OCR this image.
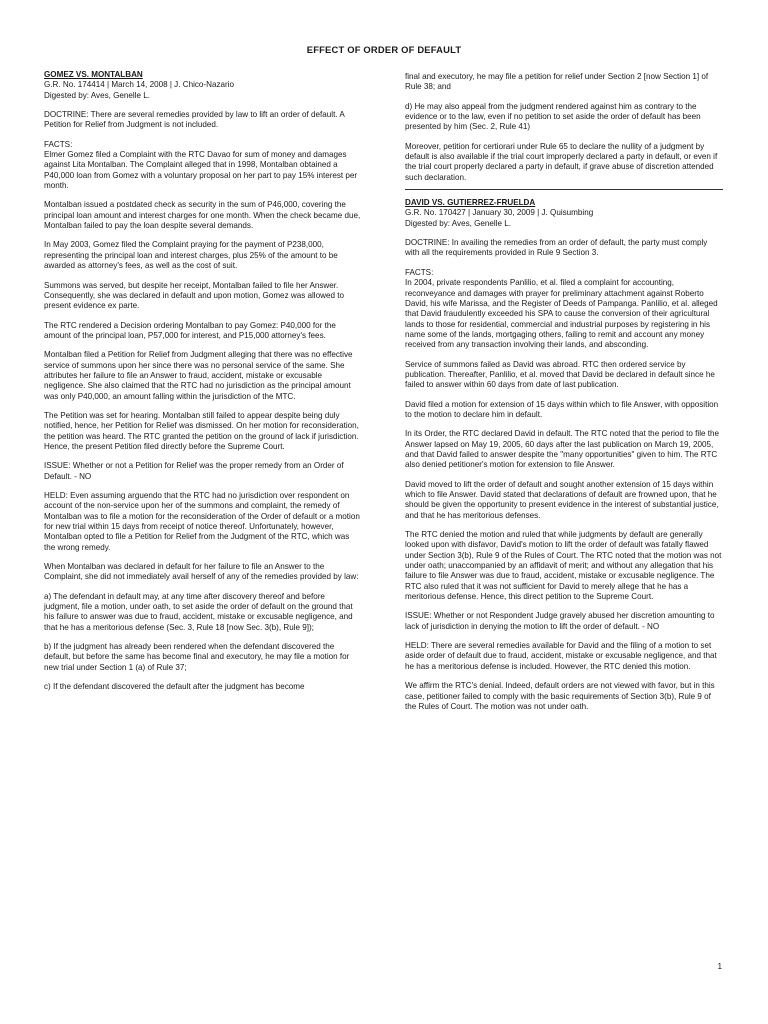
EFFECT OF ORDER OF DEFAULT

GOMEZ VS. MONTALBAN

G.R. No. 174414 | March 14, 2008 | J. Chico-Nazario

Digested by: Aves, Genelle L.

DOCTRINE: There are several remedies provided by law to lift an order of default. A Petition for Relief from Judgment is not included.

FACTS:

Elmer Gomez filed a Complaint with the RTC Davao for sum of money and damages against Lita Montalban. The Complaint alleged that in 1998, Montalban obtained a P40,000 loan from Gomez with a voluntary proposal on her part to pay 15% interest per month.

Montalban issued a postdated check as security in the sum of P46,000, covering the principal loan amount and interest charges for one month. When the check became due, Montalban failed to pay the loan despite several demands.

In May 2003, Gomez filed the Complaint praying for the payment of P238,000, representing the principal loan and interest charges, plus 25% of the amount to be awarded as attorney's fees, as well as the cost of suit.

Summons was served, but despite her receipt, Montalban failed to file her Answer. Consequently, she was declared in default and upon motion, Gomez was allowed to present evidence ex parte.

The RTC rendered a Decision ordering Montalban to pay Gomez: P40,000 for the amount of the principal loan, P57,000 for interest, and P15,000 attorney's fees.

Montalban filed a Petition for Relief from Judgment alleging that there was no effective service of summons upon her since there was no personal service of the same. She attributes her failure to file an Answer to fraud, accident, mistake or excusable negligence. She also claimed that the RTC had no jurisdiction as the principal amount was only P40,000, an amount falling within the jurisdiction of the MTC.

The Petition was set for hearing. Montalban still failed to appear despite being duly notified, hence, her Petition for Relief was dismissed. On her motion for reconsideration, the petition was heard. The RTC granted the petition on the ground of lack if jurisdiction. Hence, the present Petition filed directly before the Supreme Court.

ISSUE: Whether or not a Petition for Relief was the proper remedy from an Order of Default. - NO

HELD: Even assuming arguendo that the RTC had no jurisdiction over respondent on account of the non-service upon her of the summons and complaint, the remedy of Montalban was to file a motion for the reconsideration of the Order of default or a motion for new trial within 15 days from receipt of notice thereof. Unfortunately, however, Montalban opted to file a Petition for Relief from the Judgment of the RTC, which was the wrong remedy.

When Montalban was declared in default for her failure to file an Answer to the Complaint, she did not immediately avail herself of any of the remedies provided by law:

a) The defendant in default may, at any time after discovery thereof and before judgment, file a motion, under oath, to set aside the order of default on the ground that his failure to answer was due to fraud, accident, mistake or excusable negligence, and that he has a meritorious defense (Sec. 3, Rule 18 [now Sec. 3(b), Rule 9]);

b) If the judgment has already been rendered when the defendant discovered the default, but before the same has become final and executory, he may file a motion for new trial under Section 1 (a) of Rule 37;

c) If the defendant discovered the default after the judgment has become

final and executory, he may file a petition for relief under Section 2 [now Section 1] of Rule 38; and

d) He may also appeal from the judgment rendered against him as contrary to the evidence or to the law, even if no petition to set aside the order of default has been presented by him (Sec. 2, Rule 41)

Moreover, petition for certiorari under Rule 65 to declare the nullity of a judgment by default is also available if the trial court improperly declared a party in default, or even if the trial court properly declared a party in default, if grave abuse of discretion attended such declaration.

DAVID VS. GUTIERREZ-FRUELDA

G.R. No. 170427 | January 30, 2009 | J. Quisumbing

Digested by: Aves, Genelle L.

DOCTRINE: In availing the remedies from an order of default, the party must comply with all the requirements provided in Rule 9 Section 3.

FACTS:

In 2004, private respondents Panlilio, et al. filed a complaint for accounting, reconveyance and damages with prayer for preliminary attachment against Roberto David, his wife Marissa, and the Register of Deeds of Pampanga. Panlilio, et al. alleged that David fraudulently exceeded his SPA to cause the conversion of their agricultural lands to those for residential, commercial and industrial purposes by registering in his name some of the lands, mortgaging others, failing to remit and account any money received from any transaction involving their lands, and absconding.

Service of summons failed as David was abroad. RTC then ordered service by publication. Thereafter, Panlilio, et al. moved that David be declared in default since he failed to answer within 60 days from date of last publication.

David filed a motion for extension of 15 days within which to file Answer, with opposition to the motion to declare him in default.

In its Order, the RTC declared David in default. The RTC noted that the period to file the Answer lapsed on May 19, 2005, 60 days after the last publication on March 19, 2005, and that David failed to answer despite the "many opportunities" given to him. The RTC also denied petitioner's motion for extension to file Answer.

David moved to lift the order of default and sought another extension of 15 days within which to file Answer. David stated that declarations of default are frowned upon, that he should be given the opportunity to present evidence in the interest of substantial justice, and that he has meritorious defenses.

The RTC denied the motion and ruled that while judgments by default are generally looked upon with disfavor, David's motion to lift the order of default was fatally flawed under Section 3(b), Rule 9 of the Rules of Court. The RTC noted that the motion was not under oath; unaccompanied by an affidavit of merit; and without any allegation that his failure to file Answer was due to fraud, accident, mistake or excusable negligence. The RTC also ruled that it was not sufficient for David to merely allege that he has a meritorious defense. Hence, this direct petition to the Supreme Court.

ISSUE: Whether or not Respondent Judge gravely abused her discretion amounting to lack of jurisdiction in denying the motion to lift the order of default. - NO

HELD: There are several remedies available for David and the filing of a motion to set aside order of default due to fraud, accident, mistake or excusable negligence, and that he has a meritorious defense is included. However, the RTC denied this motion.

We affirm the RTC's denial. Indeed, default orders are not viewed with favor, but in this case, petitioner failed to comply with the basic requirements of Section 3(b), Rule 9 of the Rules of Court. The motion was not under oath.

1
